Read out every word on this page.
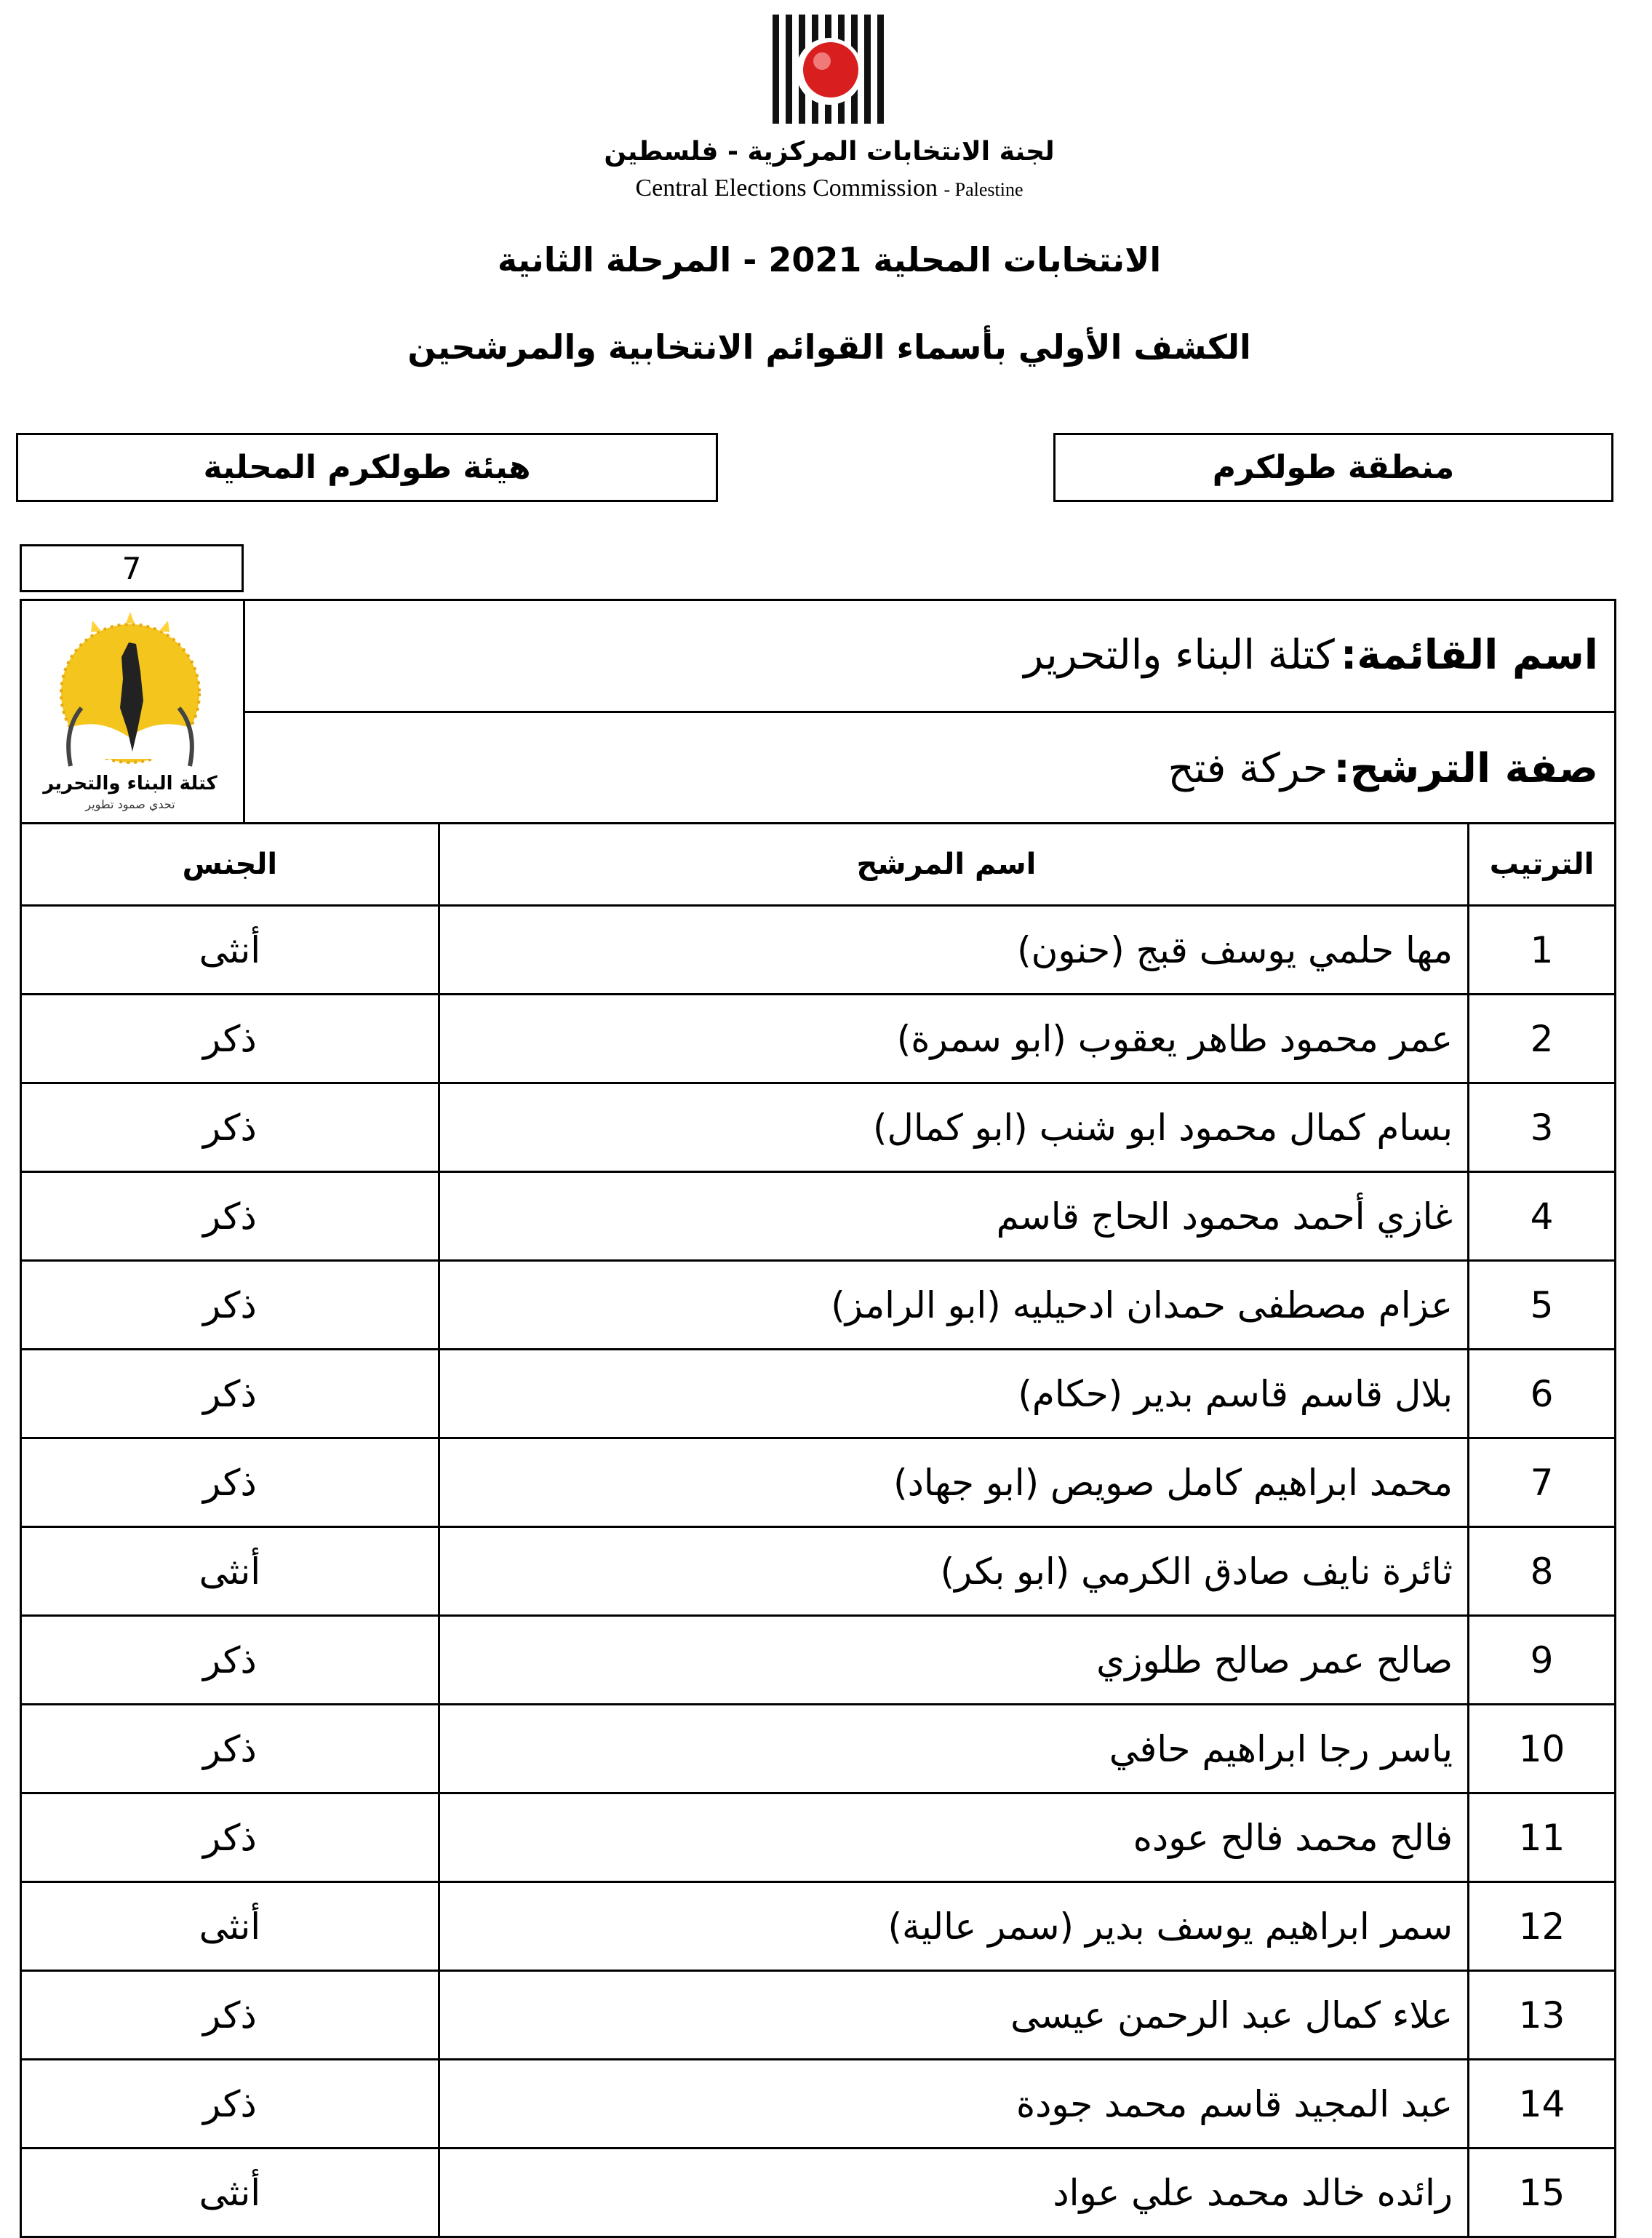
لجنة الانتخابات المركزية - فلسطين
Central Elections Commission - Palestine
الانتخابات المحلية 2021 - المرحلة الثانية
الكشف الأولي بأسماء القوائم الانتخابية والمرشحين
هيئة طولكرم المحلية	منطقة طولكرم
7
كتلة البناء والتحرير
تحدي صمود تطوير
اسم القائمة:
كتلة البناء والتحرير
صفة الترشح:
حركة فتح
الترتيب	اسم المرشح	الجنس
1	مها حلمي يوسف قبج (حنون)	أنثى
2	عمر محمود طاهر يعقوب (ابو سمرة)	ذكر
3	بسام كمال محمود ابو شنب (ابو كمال)	ذكر
4	غازي أحمد محمود الحاج قاسم	ذكر
5	عزام مصطفى حمدان ادحيليه (ابو الرامز)	ذكر
6	بلال قاسم قاسم بدير (حكام)	ذكر
7	محمد ابراهيم كامل صويص (ابو جهاد)	ذكر
8	ثائرة نايف صادق الكرمي (ابو بكر)	أنثى
9	صالح عمر صالح طلوزي	ذكر
10	ياسر رجا ابراهيم حافي	ذكر
11	فالح محمد فالح عوده	ذكر
12	سمر ابراهيم يوسف بدير (سمر عالية)	أنثى
13	علاء كمال عبد الرحمن عيسى	ذكر
14	عبد المجيد قاسم محمد جودة	ذكر
15	رائده خالد محمد علي عواد	أنثى
